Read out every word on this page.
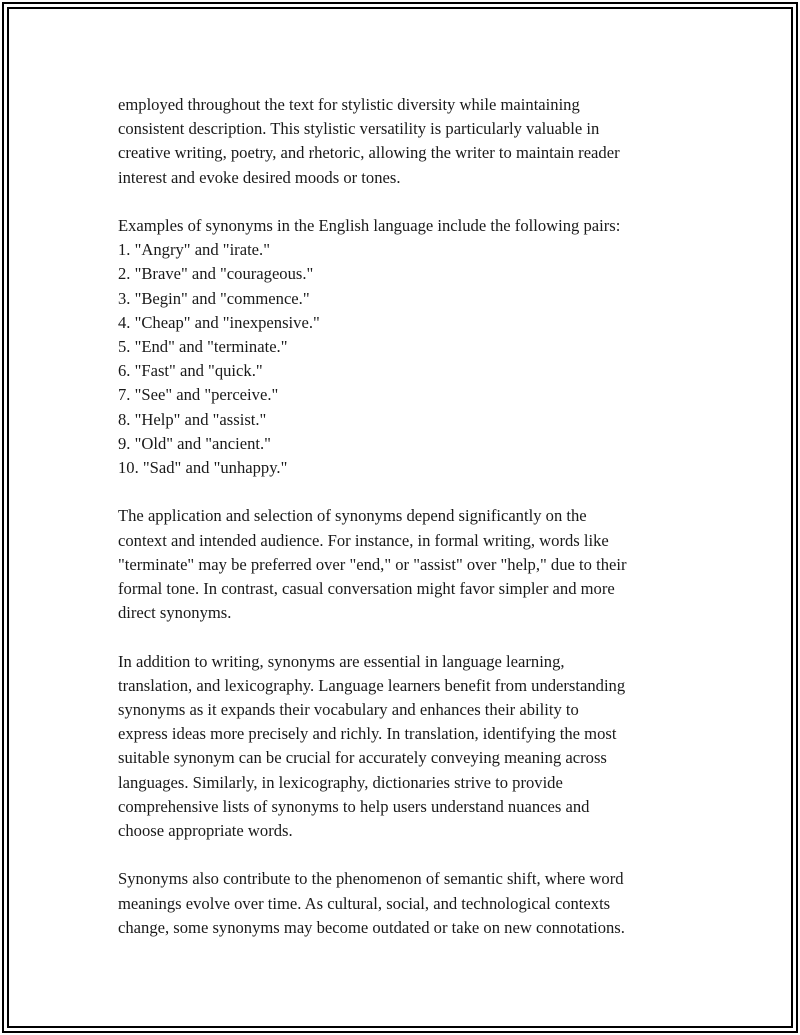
employed throughout the text for stylistic diversity while maintaining
consistent description. This stylistic versatility is particularly valuable in
creative writing, poetry, and rhetoric, allowing the writer to maintain reader
interest and evoke desired moods or tones.

Examples of synonyms in the English language include the following pairs:
1. "Angry" and "irate."
2. "Brave" and "courageous."
3. "Begin" and "commence."
4. "Cheap" and "inexpensive."
5. "End" and "terminate."
6. "Fast" and "quick."
7. "See" and "perceive."
8. "Help" and "assist."
9. "Old" and "ancient."
10. "Sad" and "unhappy."

The application and selection of synonyms depend significantly on the
context and intended audience. For instance, in formal writing, words like
"terminate" may be preferred over "end," or "assist" over "help," due to their
formal tone. In contrast, casual conversation might favor simpler and more
direct synonyms.

In addition to writing, synonyms are essential in language learning,
translation, and lexicography. Language learners benefit from understanding
synonyms as it expands their vocabulary and enhances their ability to
express ideas more precisely and richly. In translation, identifying the most
suitable synonym can be crucial for accurately conveying meaning across
languages. Similarly, in lexicography, dictionaries strive to provide
comprehensive lists of synonyms to help users understand nuances and
choose appropriate words.

Synonyms also contribute to the phenomenon of semantic shift, where word
meanings evolve over time. As cultural, social, and technological contexts
change, some synonyms may become outdated or take on new connotations.
